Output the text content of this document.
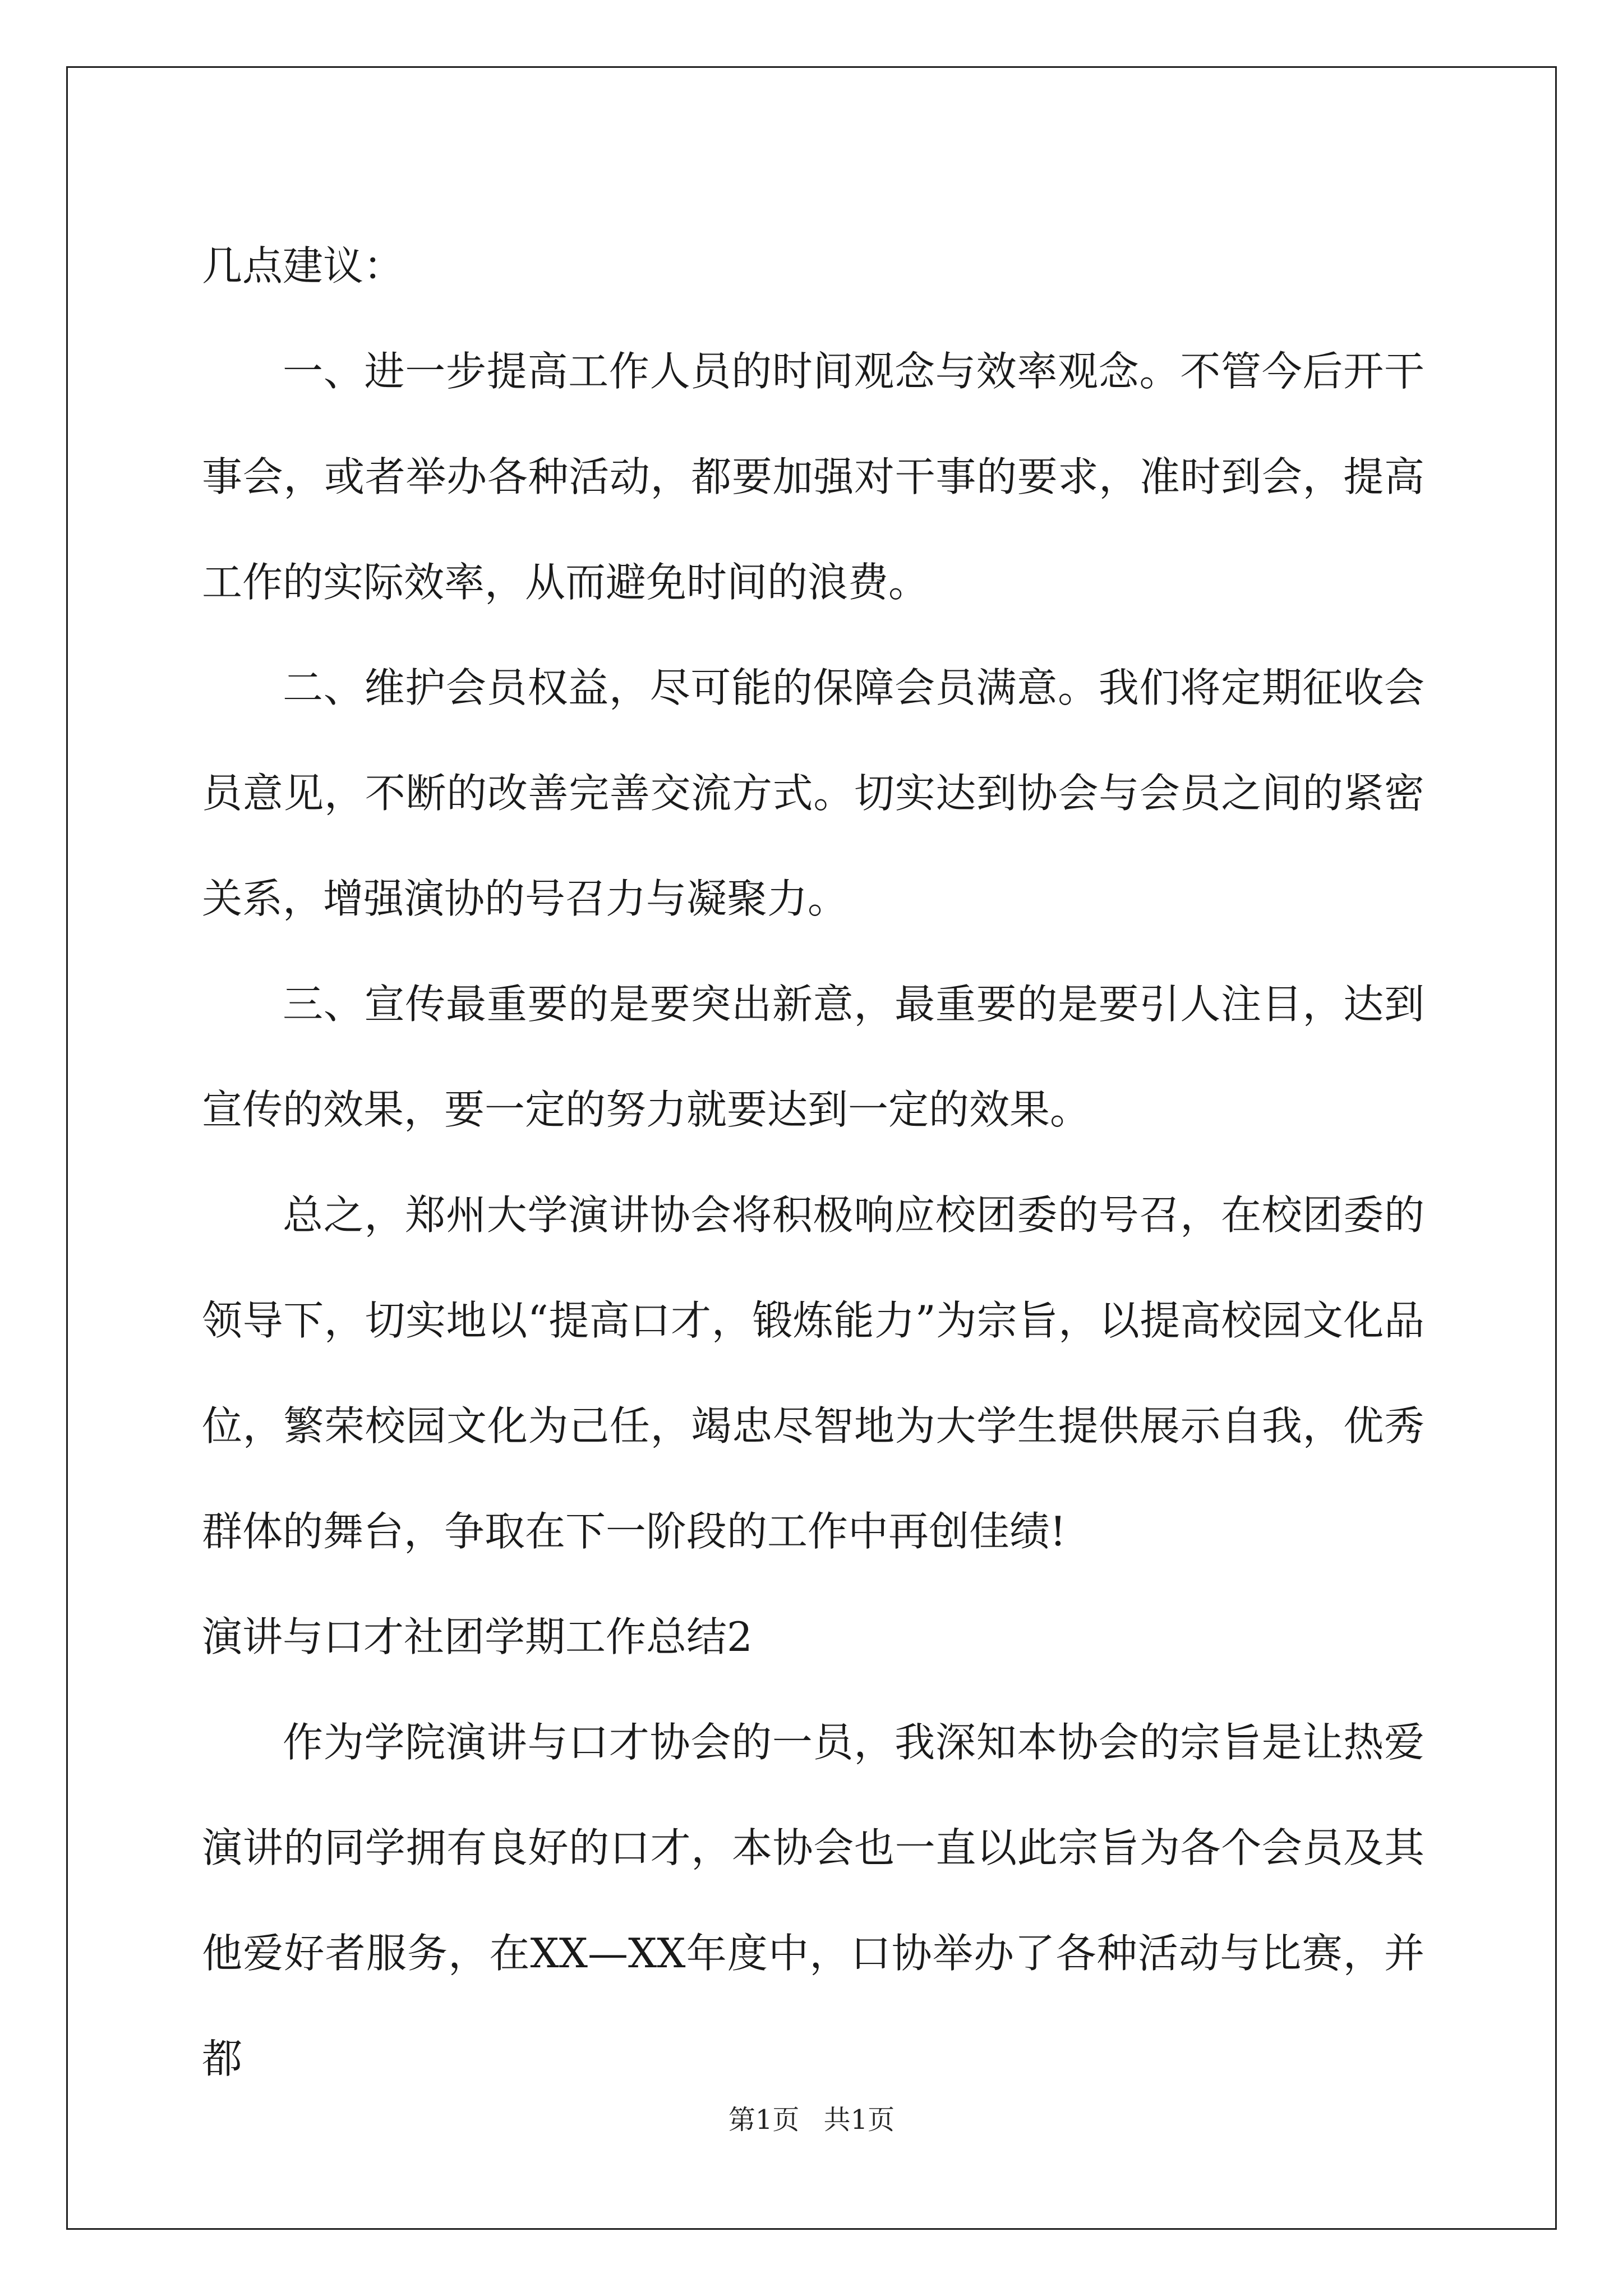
几点建议：

一、进一步提高工作人员的时间观念与效率观念。不管今后开干事会，或者举办各种活动，都要加强对干事的要求，准时到会，提高工作的实际效率，从而避免时间的浪费。

二、维护会员权益，尽可能的保障会员满意。我们将定期征收会员意见，不断的改善完善交流方式。切实达到协会与会员之间的紧密关系，增强演协的号召力与凝聚力。

三、宣传最重要的是要突出新意，最重要的是要引人注目，达到宣传的效果，要一定的努力就要达到一定的效果。

总之，郑州大学演讲协会将积极响应校团委的号召，在校团委的领导下，切实地以“提高口才，锻炼能力”为宗旨，以提高校园文化品位，繁荣校园文化为己任，竭忠尽智地为大学生提供展示自我，优秀群体的舞台，争取在下一阶段的工作中再创佳绩!

演讲与口才社团学期工作总结2

作为学院演讲与口才协会的一员，我深知本协会的宗旨是让热爱演讲的同学拥有良好的口才，本协会也一直以此宗旨为各个会员及其他爱好者服务，在XX—XX年度中，口协举办了各种活动与比赛，并都

第1页 共1页
